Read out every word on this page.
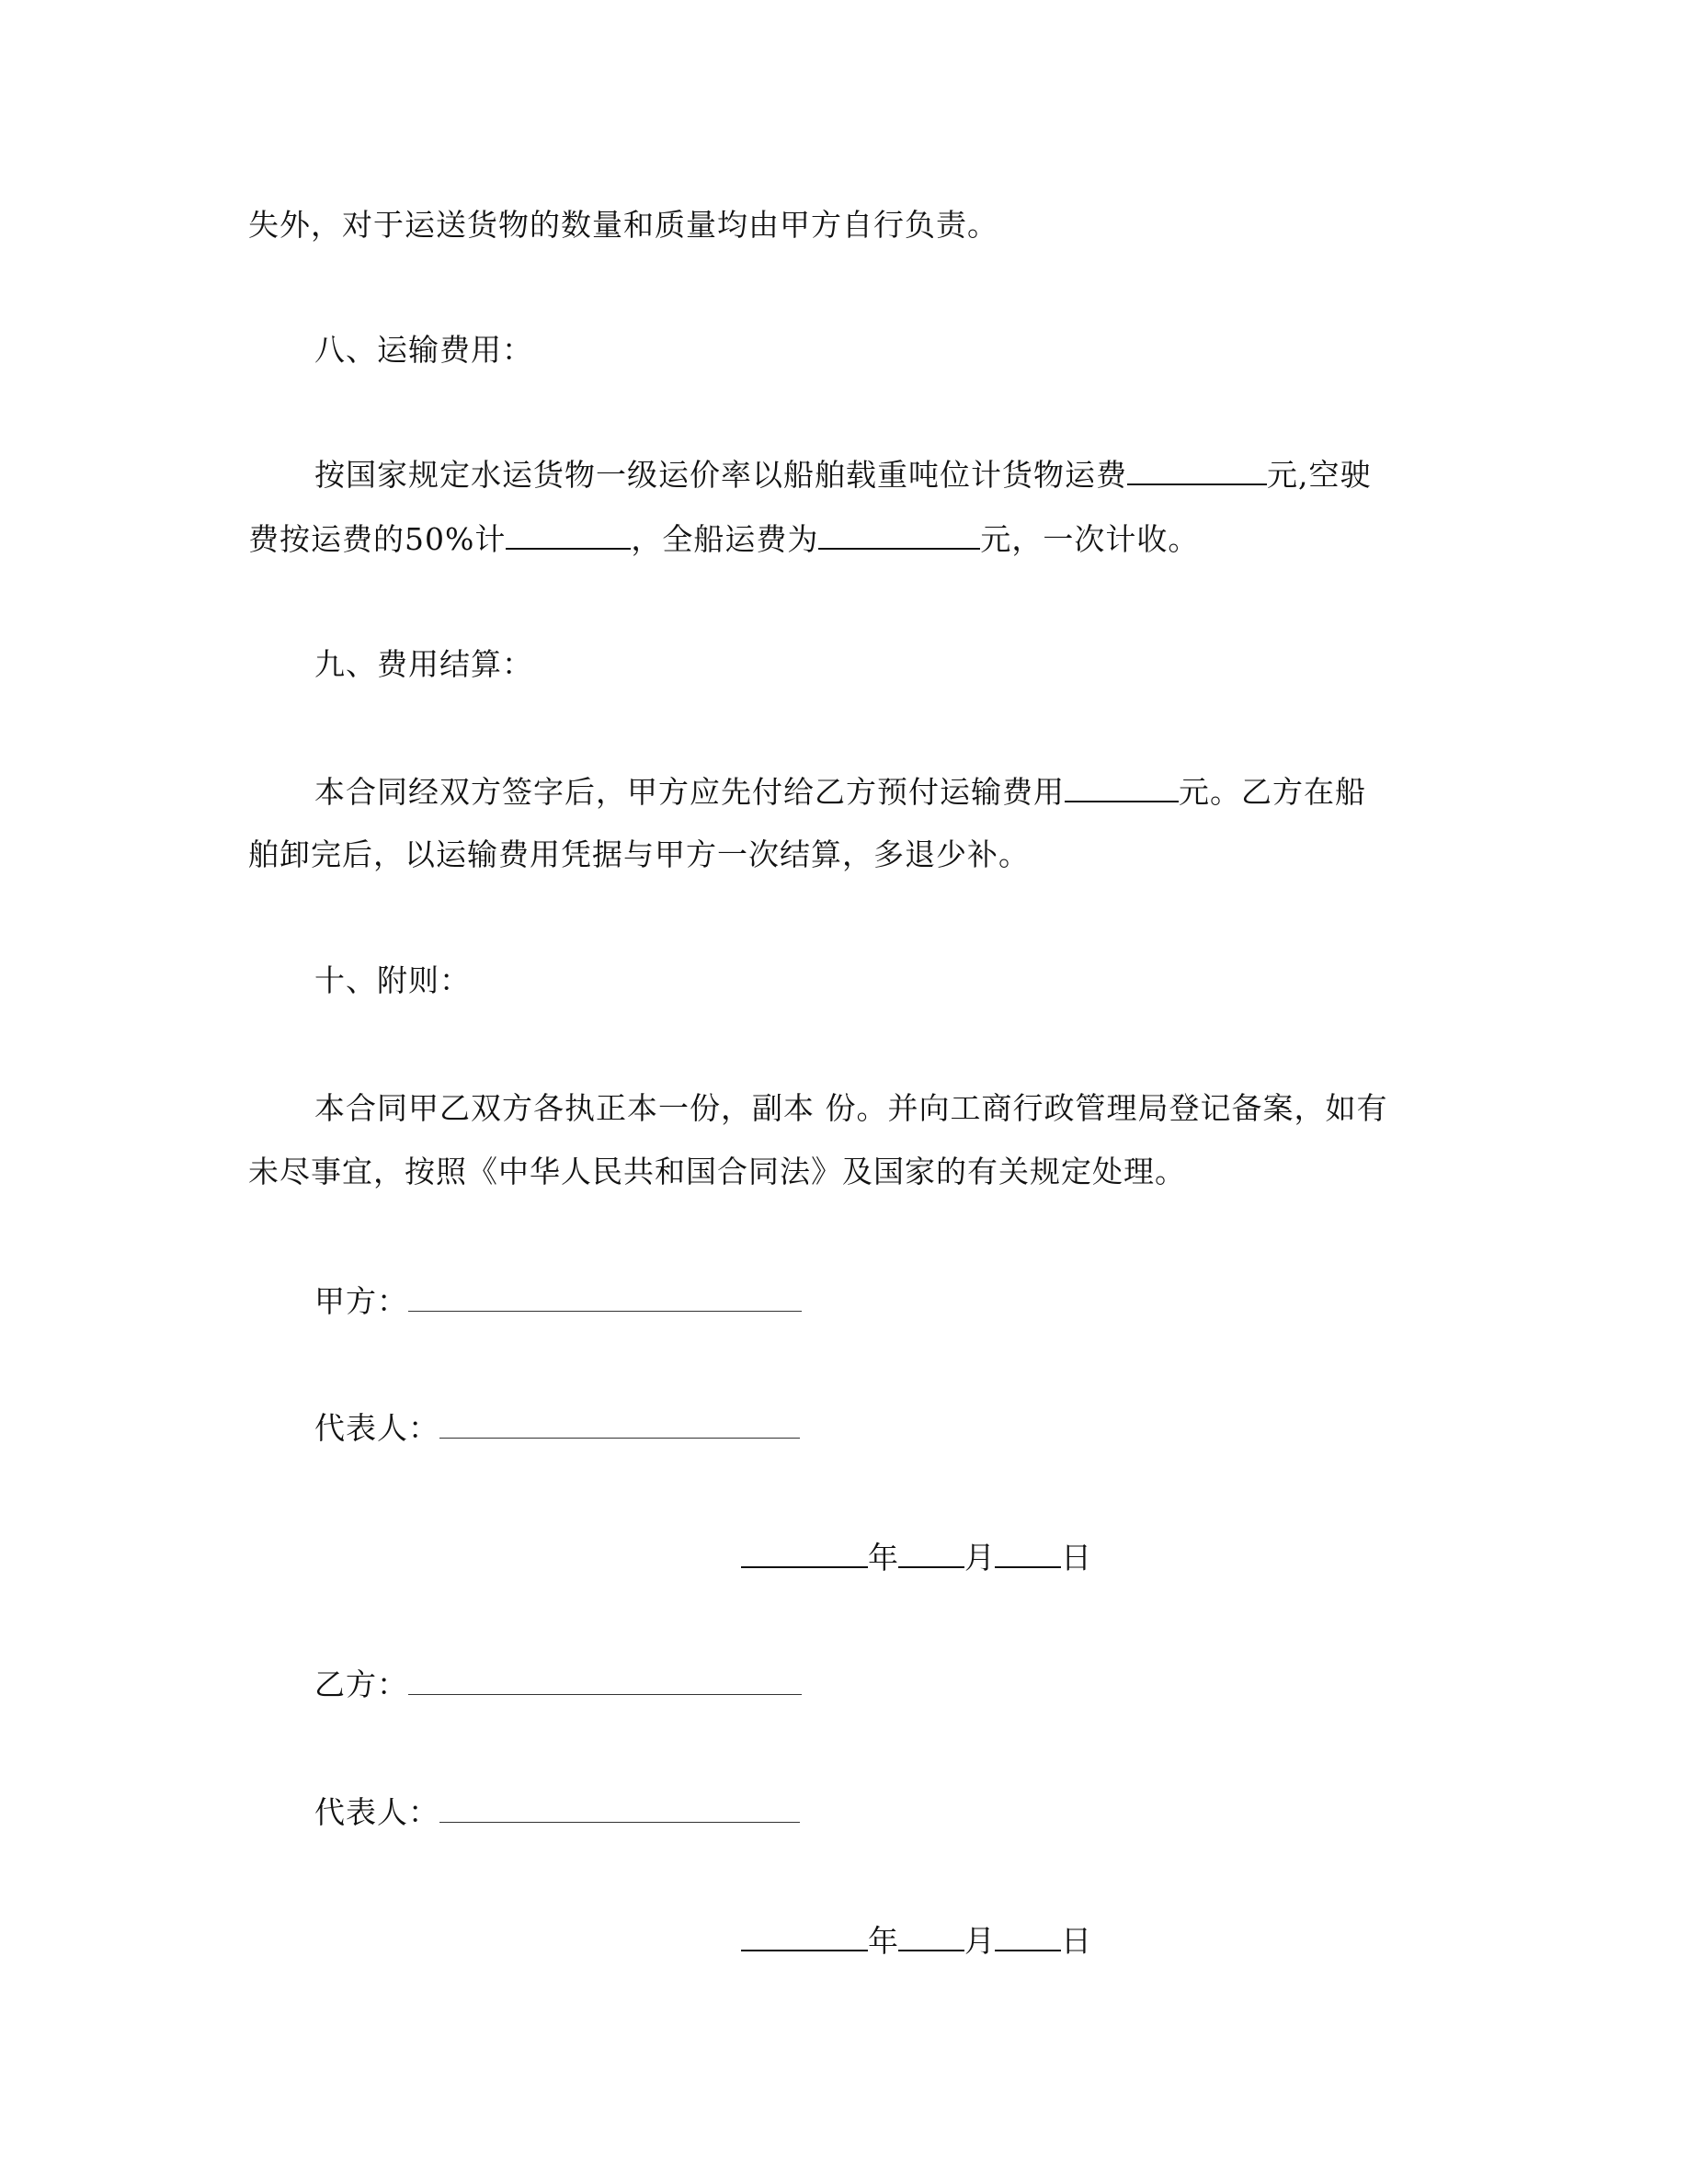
失外，对于运送货物的数量和质量均由甲方自行负责。
八、运输费用：
按国家规定水运货物一级运价率以船舶载重吨位计货物运费	元,空驶
费按运费的50%计	，全船运费为	元，一次计收。
九、费用结算：
本合同经双方签字后，甲方应先付给乙方预付运输费用	元。乙方在船
舶卸完后，以运输费用凭据与甲方一次结算，多退少补。
十、附则：
本合同甲乙双方各执正本一份，副本 份。并向工商行政管理局登记备案，如有
未尽事宜，按照《中华人民共和国合同法》及国家的有关规定处理。
甲方：
代表人：
年 月 日
乙方：
代表人：
年 月 日
